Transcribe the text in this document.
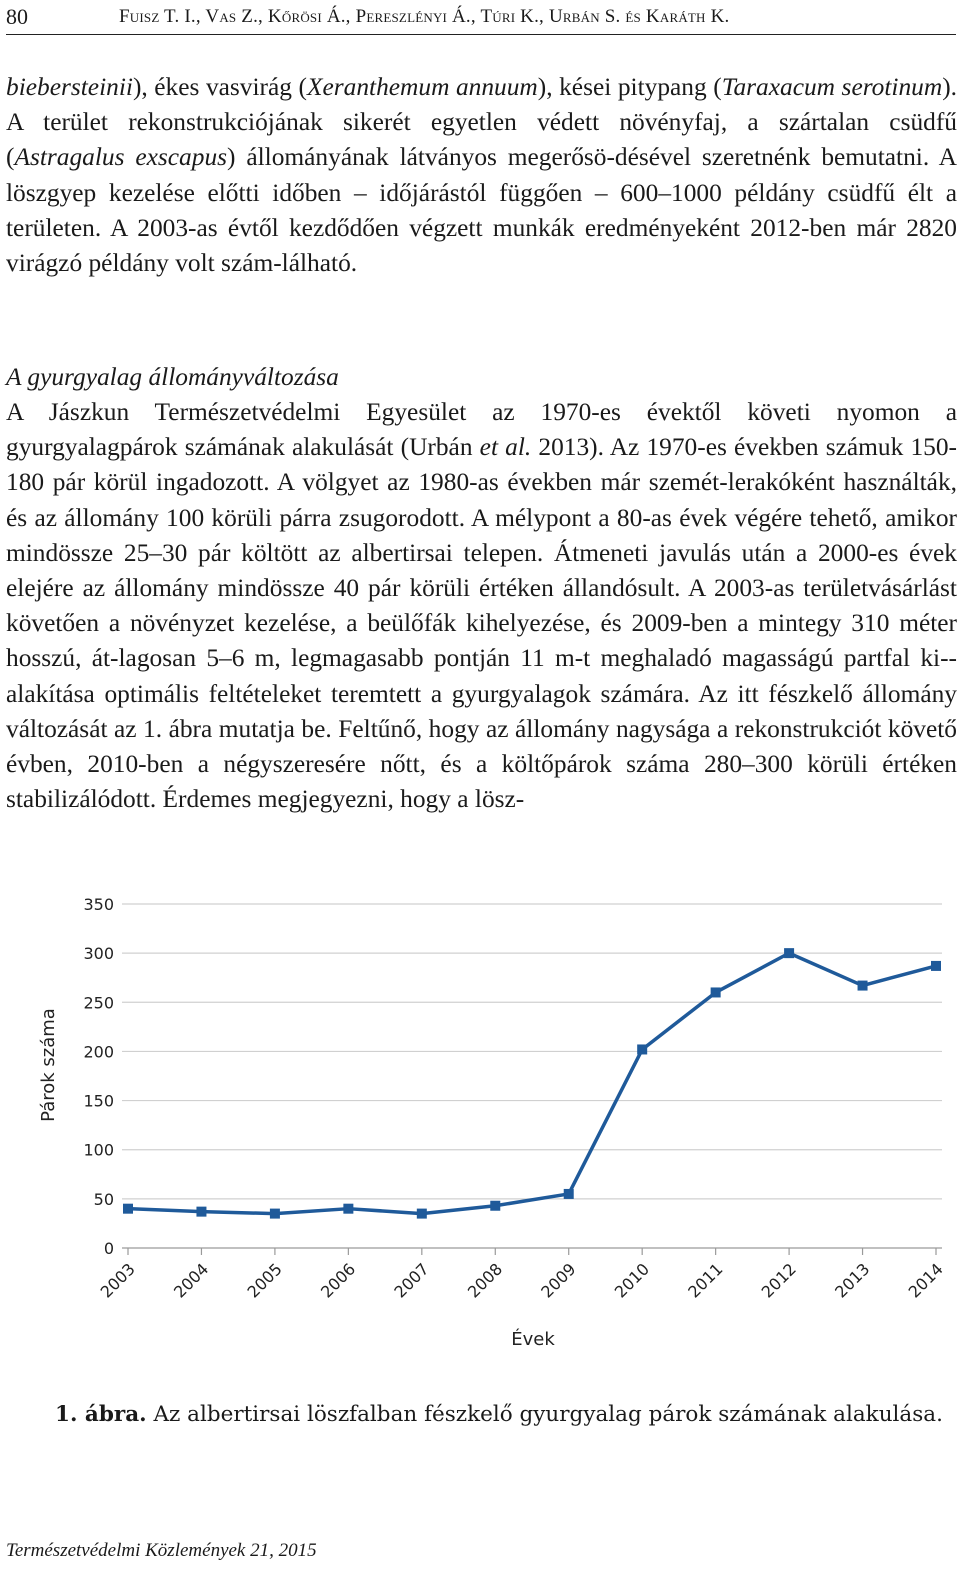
80	Fuisz T. I., Vas Z., Kőrösi Á., Pereszlényi Á., Túri K., Urbán S. és Karáth K.
biebersteinii), ékes vasvirág (Xeranthemum annuum), kései pitypang (Taraxacum serotinum). A terület rekonstrukciójának sikerét egyetlen védett növényfaj, a szártalan csüdfű (Astragalus exscapus) állományának látványos megerősö-désével szeretnénk bemutatni. A löszgyep kezelése előtti időben – időjárástól függően – 600–1000 példány csüdfű élt a területen. A 2003-as évtől kezdődően végzett munkák eredményeként 2012-ben már 2820 virágzó példány volt szám-lálható.
A gyurgyalag állományváltozása
A Jászkun Természetvédelmi Egyesület az 1970-es évektől követi nyomon a gyurgyalagpárok számának alakulását (Urbán et al. 2013). Az 1970-es években számuk 150-180 pár körül ingadozott. A völgyet az 1980-as években már szemét-lerakóként használták, és az állomány 100 körüli párra zsugorodott. A mélypont a 80-as évek végére tehető, amikor mindössze 25–30 pár költött az albertirsai telepen. Átmeneti javulás után a 2000-es évek elejére az állomány mindössze 40 pár körüli értéken állandósult. A 2003-as területvásárlást követően a növényzet kezelése, a beülőfák kihelyezése, és 2009-ben a mintegy 310 méter hosszú, át-lagosan 5–6 m, legmagasabb pontján 11 m-t meghaladó magasságú partfal ki-alakítása optimális feltételeket teremtett a gyurgyalagok számára. Az itt fészkelő állomány változását az 1. ábra mutatja be. Feltűnő, hogy az állomány nagysága a rekonstrukciót követő évben, 2010-ben a négyszeresére nőtt, és a költőpárok száma 280–300 körüli értéken stabilizálódott. Érdemes megjegyezni, hogy a lösz-
0
50
100
150
200
250
300
350
2003 2004 2005 2006 2007 2008 2009 2010 2011 2012 2013 2014
Párok száma
Évek
1. ábra. Az albertirsai löszfalban fészkelő gyurgyalag párok számának alakulása.
Természetvédelmi Közlemények 21, 2015
